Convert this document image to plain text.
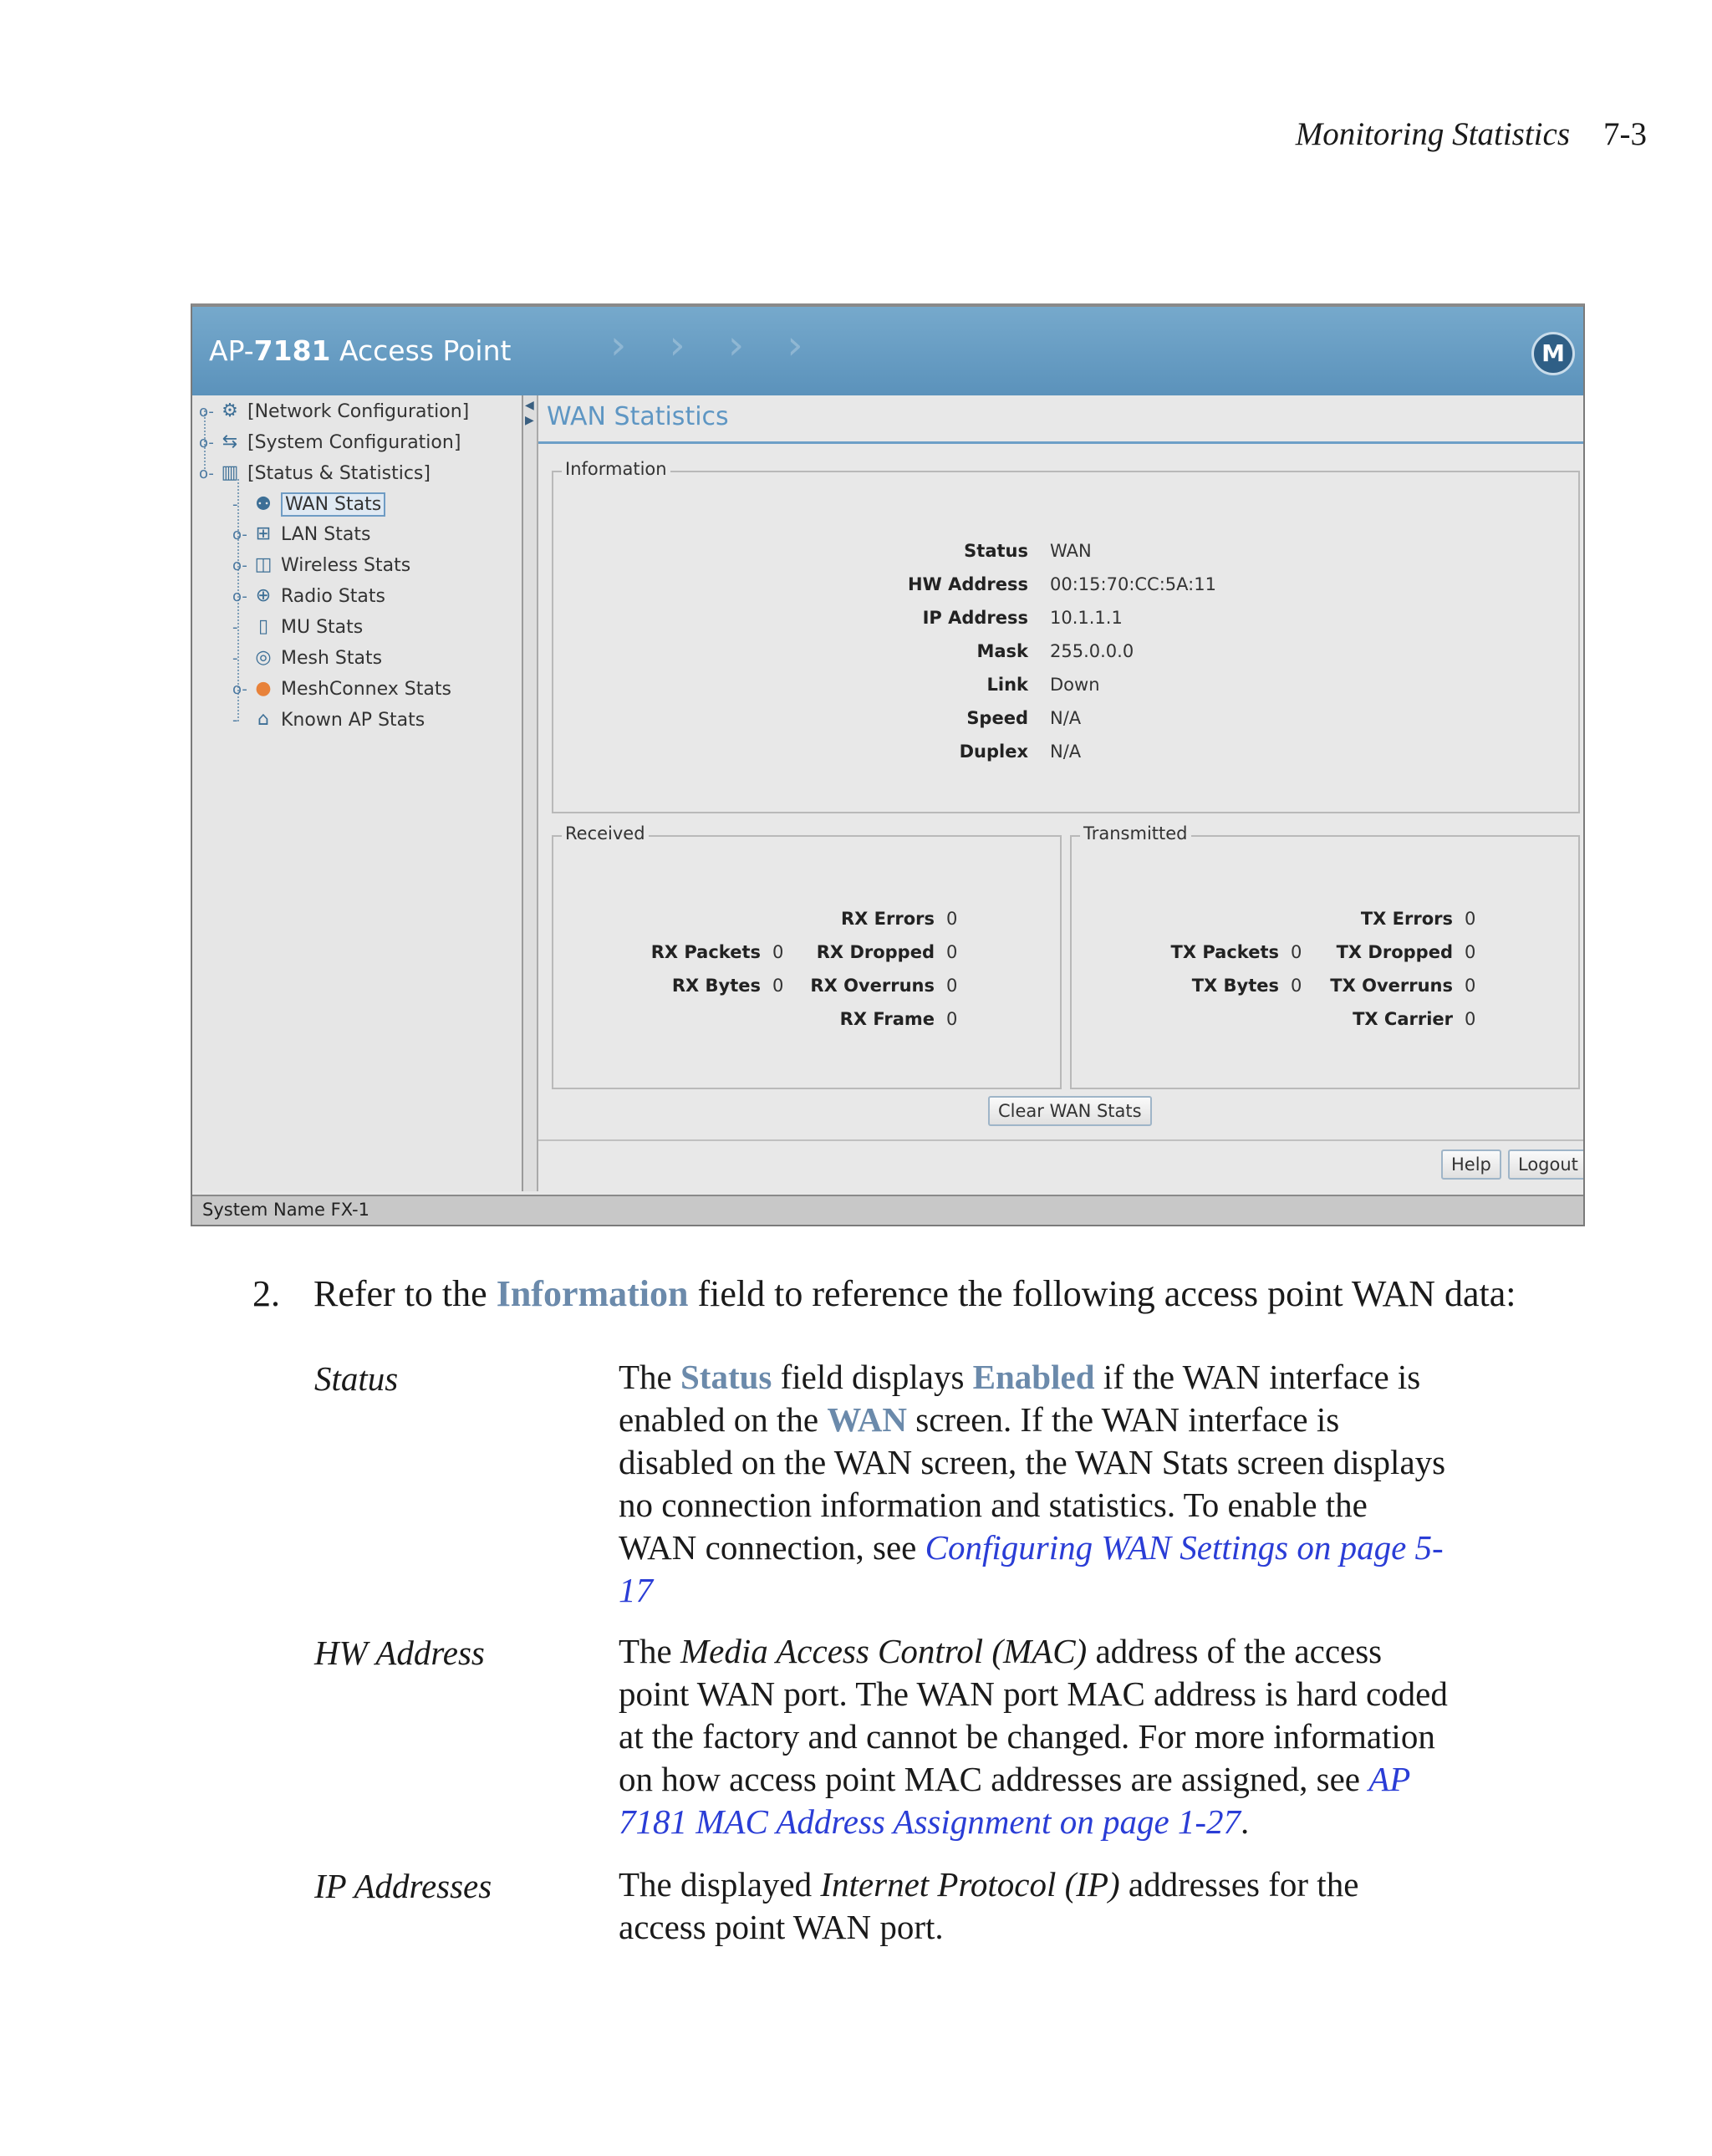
Monitoring Statistics 7-3
AP-7181 Access Point › › › ›	M
o- ⚙ [Network Configuration]
o- ⇆ [System Configuration]
o- ▥ [Status & Statistics]
- ⚉ WAN Stats
o- ⊞ LAN Stats
o- ◫ Wireless Stats
o- ⊕ Radio Stats
-	▯ MU Stats
- ◎ Mesh Stats
o- ● MeshConnex Stats
-	⌂ Known AP Stats
◀
▶ WAN Statistics
Information
Status WAN
HW Address 00:15:70:CC:5A:11
IP Address 10.1.1.1
Mask 255.0.0.0
Link Down
Speed N/A
Duplex N/A
Received
RX Packets 0
RX Bytes 0
RX Errors 0
RX Dropped 0
RX Overruns 0
RX Frame 0
Transmitted
TX Packets 0
TX Bytes 0
TX Errors 0
TX Dropped 0
TX Overruns 0
TX Carrier 0
Clear WAN Stats
Help	Logout
System Name FX-1
2. Refer to the Information field to reference the following access point WAN data:
Status	The Status field displays Enabled if the WAN interface is
enabled on the WAN screen. If the WAN interface is
disabled on the WAN screen, the WAN Stats screen displays
no connection information and statistics. To enable the
WAN connection, see Configuring WAN Settings on page 5-
17
HW Address	The Media Access Control (MAC) address of the access
point WAN port. The WAN port MAC address is hard coded
at the factory and cannot be changed. For more information
on how access point MAC addresses are assigned, see AP
7181 MAC Address Assignment on page 1-27.
IP Addresses	The displayed Internet Protocol (IP) addresses for the
access point WAN port.
